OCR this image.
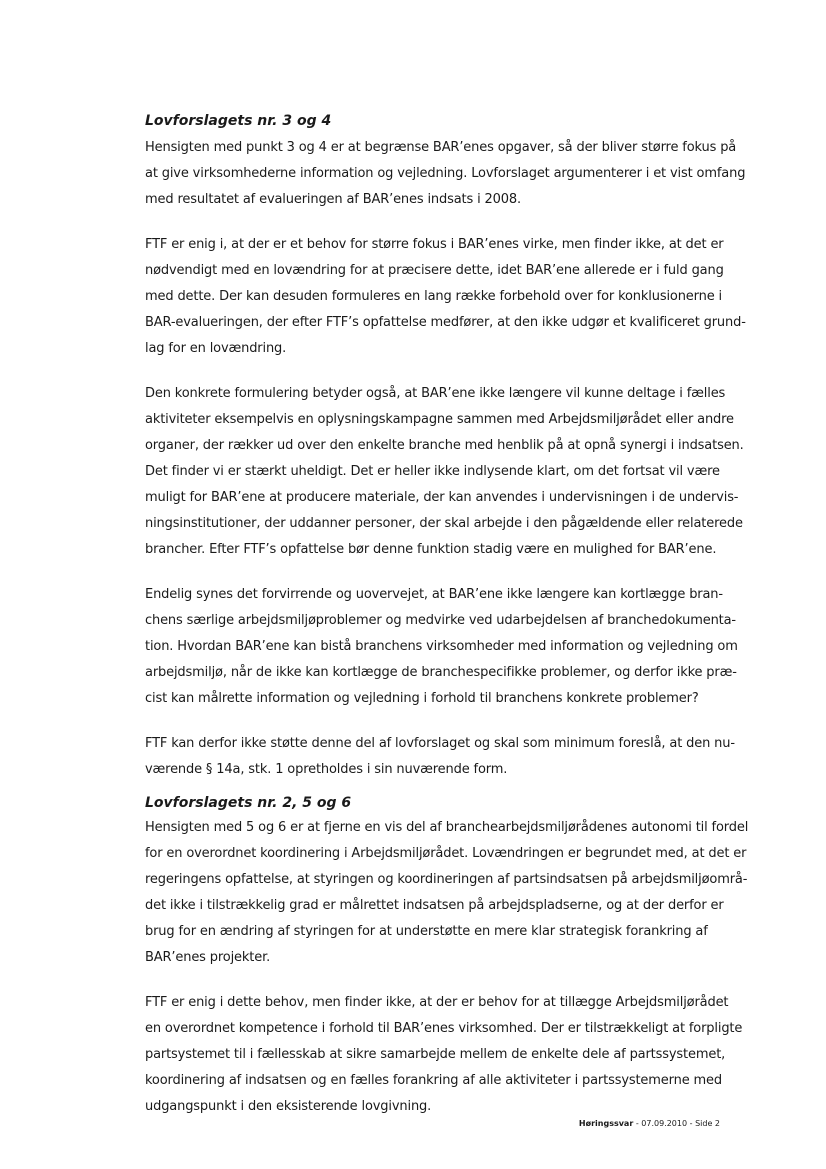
Lovforslagets nr. 3 og 4
Hensigten med punkt 3 og 4 er at begrænse BAR’enes opgaver, så der bliver større fokus på
at give virksomhederne information og vejledning. Lovforslaget argumenterer i et vist omfang
med resultatet af evalueringen af BAR’enes indsats i 2008.
FTF er enig i, at der er et behov for større fokus i BAR’enes virke, men finder ikke, at det er
nødvendigt med en lovændring for at præcisere dette, idet BAR’ene allerede er i fuld gang
med dette. Der kan desuden formuleres en lang række forbehold over for konklusionerne i
BAR-evalueringen, der efter FTF’s opfattelse medfører, at den ikke udgør et kvalificeret grund-
lag for en lovændring.
Den konkrete formulering betyder også, at BAR’ene ikke længere vil kunne deltage i fælles
aktiviteter eksempelvis en oplysningskampagne sammen med Arbejdsmiljørådet eller andre
organer, der rækker ud over den enkelte branche med henblik på at opnå synergi i indsatsen.
Det finder vi er stærkt uheldigt. Det er heller ikke indlysende klart, om det fortsat vil være
muligt for BAR’ene at producere materiale, der kan anvendes i undervisningen i de undervis-
ningsinstitutioner, der uddanner personer, der skal arbejde i den pågældende eller relaterede
brancher. Efter FTF’s opfattelse bør denne funktion stadig være en mulighed for BAR’ene.
Endelig synes det forvirrende og uovervejet, at BAR’ene ikke længere kan kortlægge bran-
chens særlige arbejdsmiljøproblemer og medvirke ved udarbejdelsen af branchedokumenta-
tion. Hvordan BAR’ene kan bistå branchens virksomheder med information og vejledning om
arbejdsmiljø, når de ikke kan kortlægge de branchespecifikke problemer, og derfor ikke præ-
cist kan målrette information og vejledning i forhold til branchens konkrete problemer?
FTF kan derfor ikke støtte denne del af lovforslaget og skal som minimum foreslå, at den nu-
værende § 14a, stk. 1 opretholdes i sin nuværende form.
Lovforslagets nr. 2, 5 og 6
Hensigten med 5 og 6 er at fjerne en vis del af branchearbejdsmiljørådenes autonomi til fordel
for en overordnet koordinering i Arbejdsmiljørådet. Lovændringen er begrundet med, at det er
regeringens opfattelse, at styringen og koordineringen af partsindsatsen på arbejdsmiljøområ-
det ikke i tilstrækkelig grad er målrettet indsatsen på arbejdspladserne, og at der derfor er
brug for en ændring af styringen for at understøtte en mere klar strategisk forankring af
BAR’enes projekter.
FTF er enig i dette behov, men finder ikke, at der er behov for at tillægge Arbejdsmiljørådet
en overordnet kompetence i forhold til BAR’enes virksomhed. Der er tilstrækkeligt at forpligte
partsystemet til i fællesskab at sikre samarbejde mellem de enkelte dele af partssystemet,
koordinering af indsatsen og en fælles forankring af alle aktiviteter i partssystemerne med
udgangspunkt i den eksisterende lovgivning.
Høringssvar - 07.09.2010 - Side 2
